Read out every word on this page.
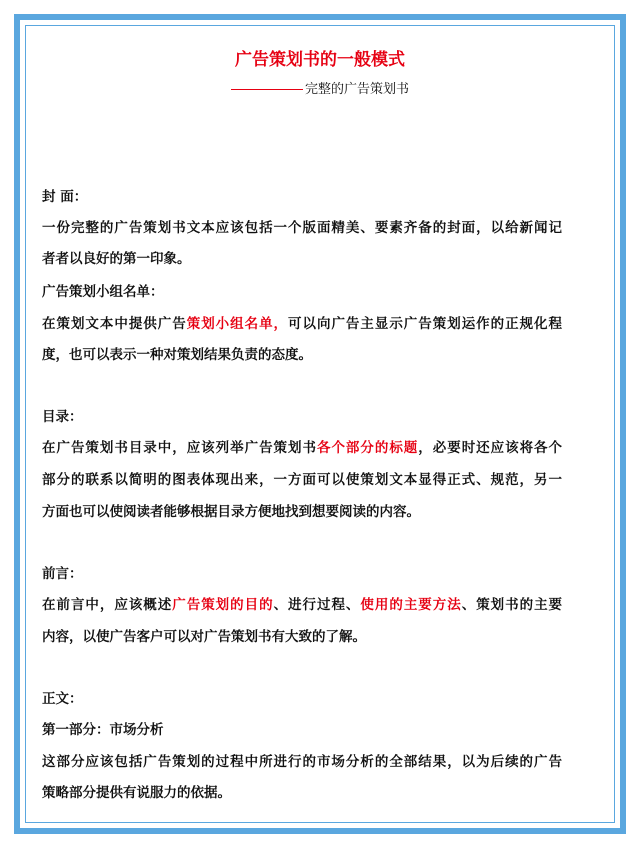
广告策划书的一般模式

完整的广告策划书

封 面：

一份完整的广告策划书文本应该包括一个版面精美、要素齐备的封面，以给新闻记

者者以良好的第一印象。

广告策划小组名单：

在策划文本中提供广告策划小组名单，可以向广告主显示广告策划运作的正规化程

度，也可以表示一种对策划结果负责的态度。

目录：

在广告策划书目录中，应该列举广告策划书各个部分的标题，必要时还应该将各个

部分的联系以简明的图表体现出来，一方面可以使策划文本显得正式、规范，另一

方面也可以使阅读者能够根据目录方便地找到想要阅读的内容。

前言：

在前言中，应该概述广告策划的目的、进行过程、使用的主要方法、策划书的主要

内容，以使广告客户可以对广告策划书有大致的了解。

正文：

第一部分：市场分析

这部分应该包括广告策划的过程中所进行的市场分析的全部结果，以为后续的广告

策略部分提供有说服力的依据。
